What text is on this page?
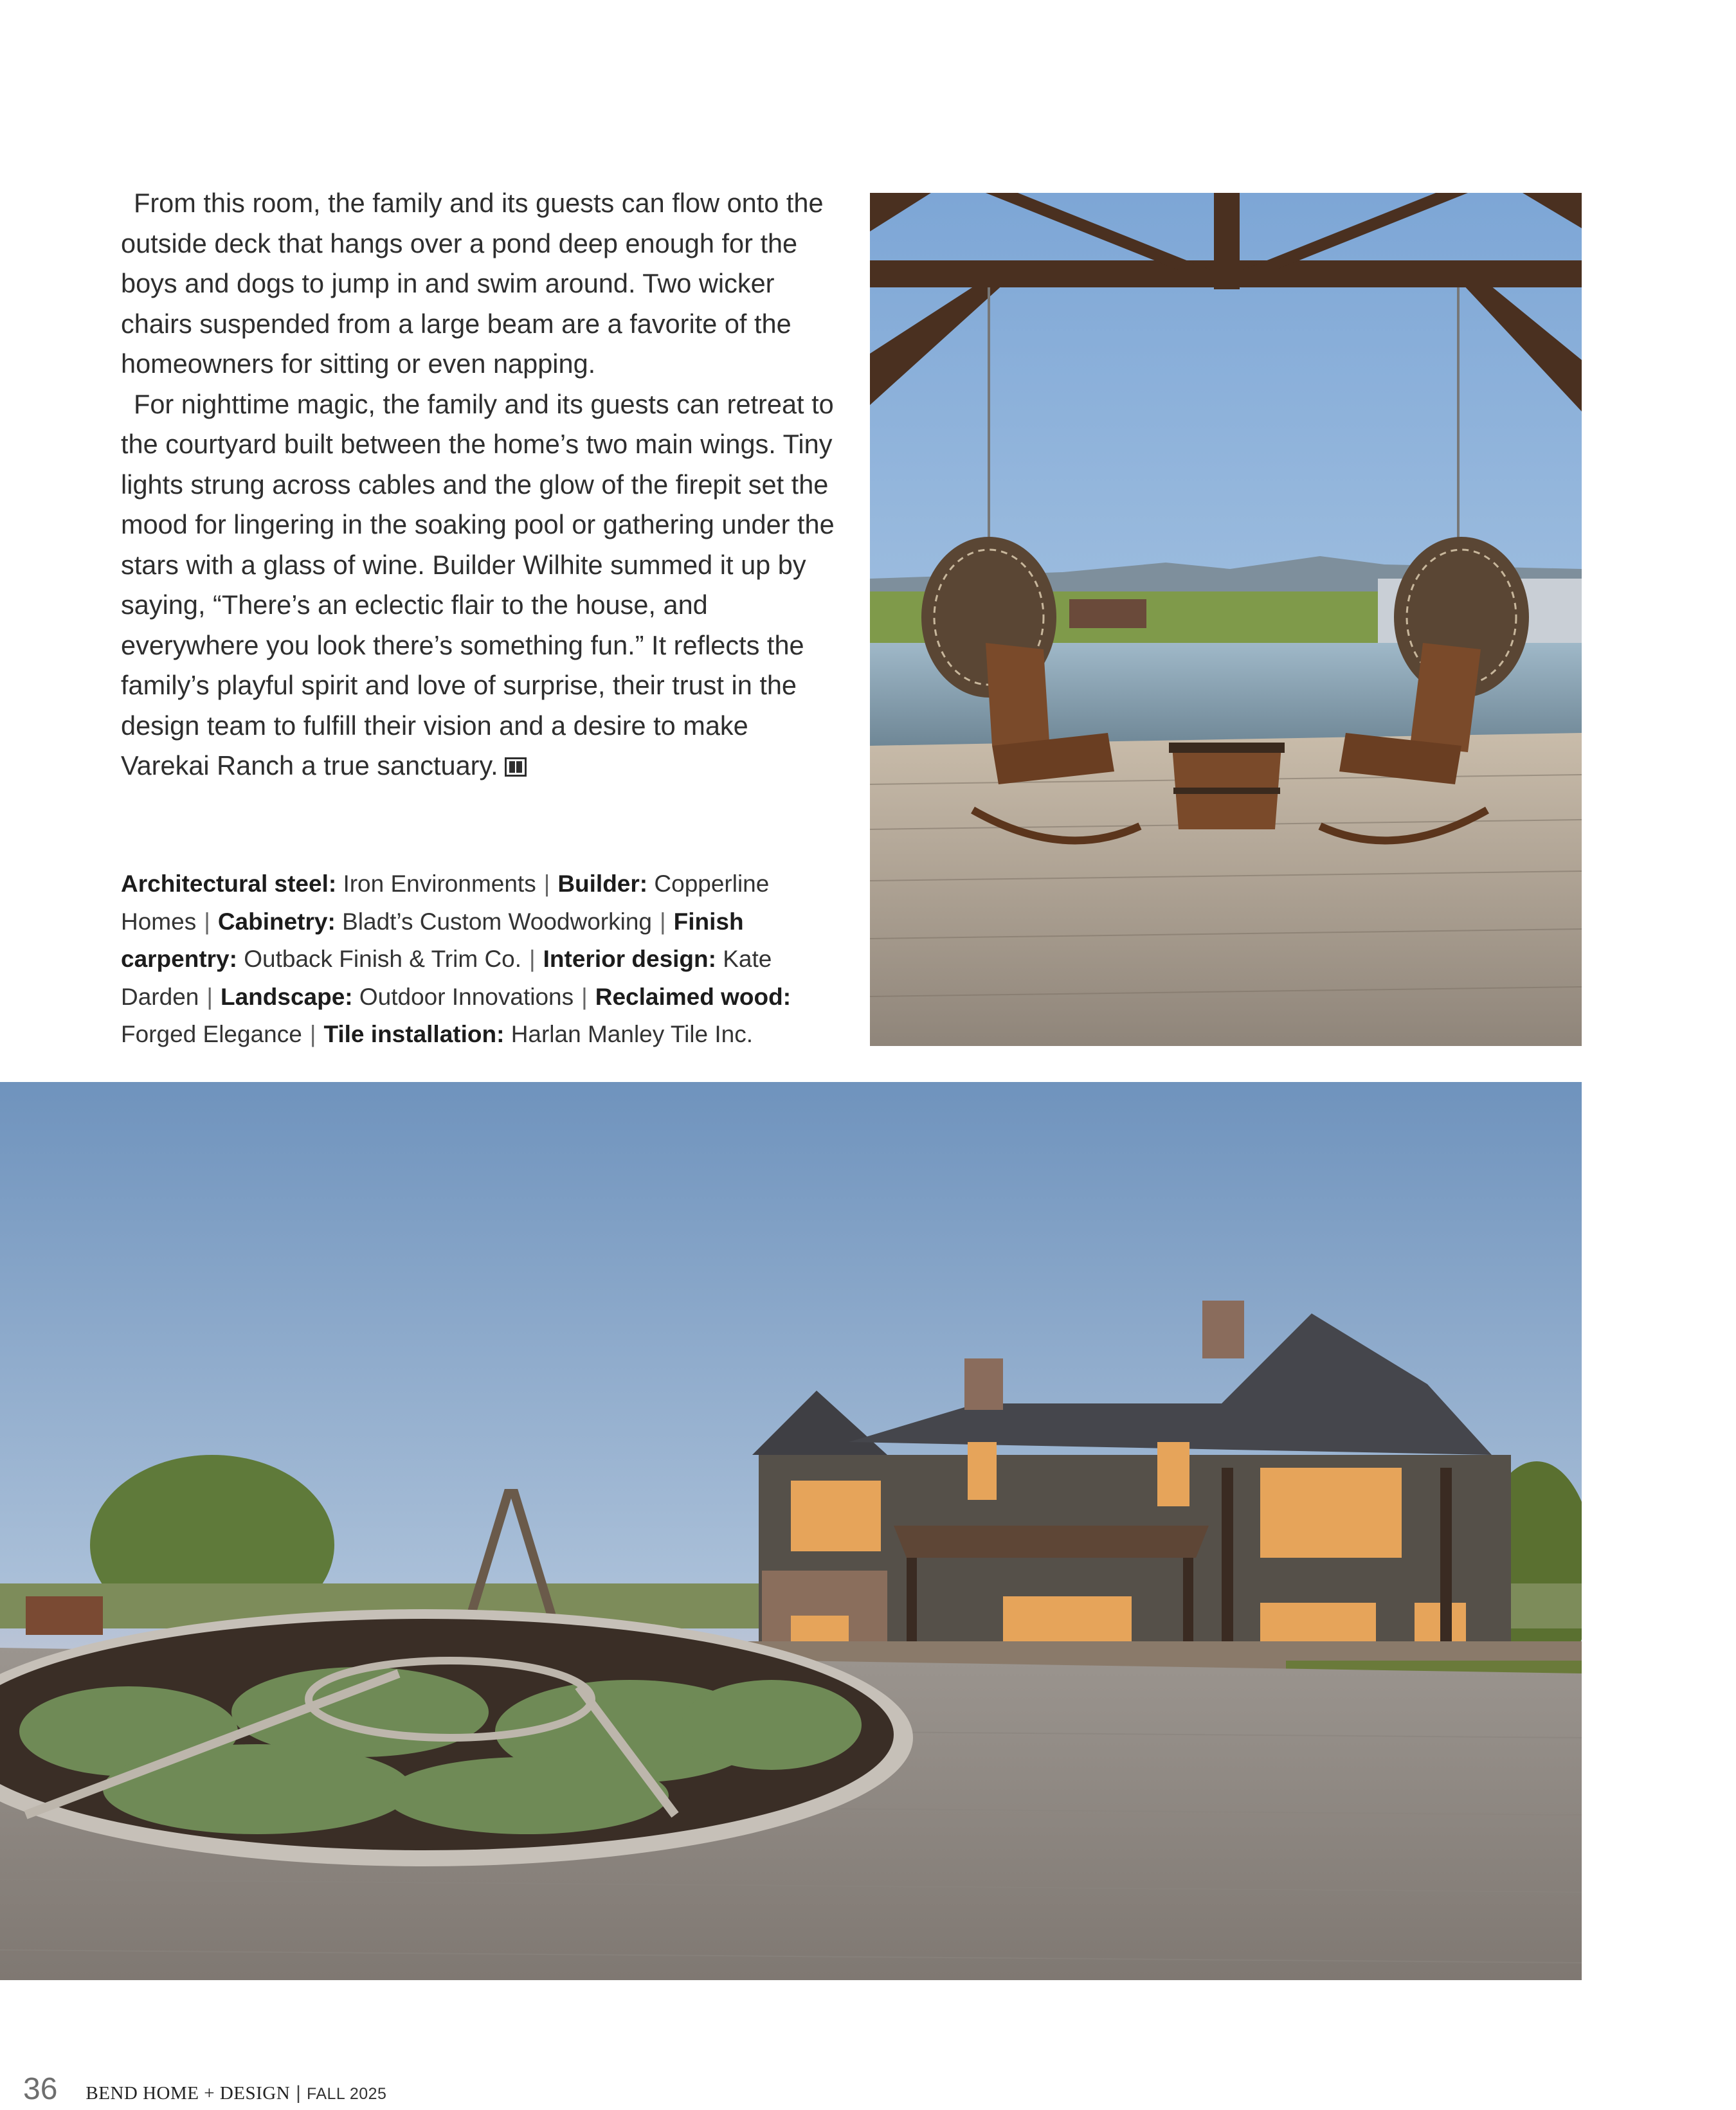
From this room, the family and its guests can flow onto the outside deck that hangs over a pond deep enough for the boys and dogs to jump in and swim around. Two wicker chairs suspended from a large beam are a favorite of the homeowners for sitting or even napping.

For nighttime magic, the family and its guests can retreat to the courtyard built between the home’s two main wings. Tiny lights strung across cables and the glow of the firepit set the mood for lingering in the soaking pool or gathering under the stars with a glass of wine. Builder Wilhite summed it up by saying, “There’s an eclectic flair to the house, and everywhere you look there’s something fun.” It reflects the family’s playful spirit and love of surprise, their trust in the design team to fulfill their vision and a desire to make Varekai Ranch a true sanctuary.

Architectural steel: Iron Environments | Builder: Copperline Homes | Cabinetry: Bladt’s Custom Woodworking | Finish carpentry: Outback Finish & Trim Co. | Interior design: Kate Darden | Landscape: Outdoor Innovations | Reclaimed wood: Forged Elegance | Tile installation: Harlan Manley Tile Inc.

36 BEND HOME + DESIGN | FALL 2025
